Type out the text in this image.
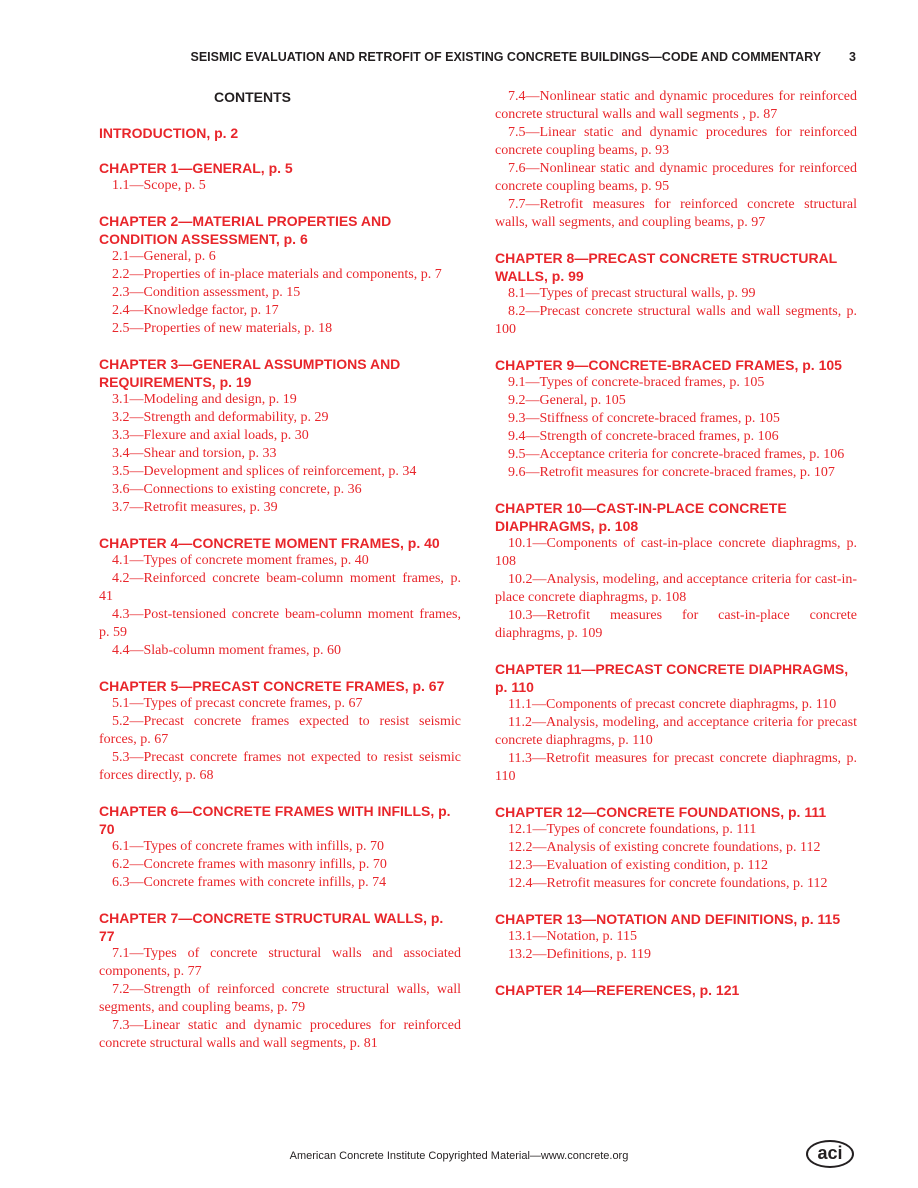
SEISMIC EVALUATION AND RETROFIT OF EXISTING CONCRETE BUILDINGS—CODE AND COMMENTARY 3
CONTENTS

INTRODUCTION, p. 2

CHAPTER 1—GENERAL, p. 5

1.1—Scope, p. 5

CHAPTER 2—MATERIAL PROPERTIES AND CONDITION ASSESSMENT, p. 6

2.1—General, p. 6

2.2—Properties of in-place materials and components, p. 7

2.3—Condition assessment, p. 15

2.4—Knowledge factor, p. 17

2.5—Properties of new materials, p. 18

CHAPTER 3—GENERAL ASSUMPTIONS AND REQUIREMENTS, p. 19

3.1—Modeling and design, p. 19

3.2—Strength and deformability, p. 29

3.3—Flexure and axial loads, p. 30

3.4—Shear and torsion, p. 33

3.5—Development and splices of reinforcement, p. 34

3.6—Connections to existing concrete, p. 36

3.7—Retrofit measures, p. 39

CHAPTER 4—CONCRETE MOMENT FRAMES, p. 40

4.1—Types of concrete moment frames, p. 40

4.2—Reinforced concrete beam-column moment frames, p. 41

4.3—Post-tensioned concrete beam-column moment frames, p. 59

4.4—Slab-column moment frames, p. 60

CHAPTER 5—PRECAST CONCRETE FRAMES, p. 67

5.1—Types of precast concrete frames, p. 67

5.2—Precast concrete frames expected to resist seismic forces, p. 67

5.3—Precast concrete frames not expected to resist seismic forces directly, p. 68

CHAPTER 6—CONCRETE FRAMES WITH INFILLS, p. 70

6.1—Types of concrete frames with infills, p. 70

6.2—Concrete frames with masonry infills, p. 70

6.3—Concrete frames with concrete infills, p. 74

CHAPTER 7—CONCRETE STRUCTURAL WALLS, p. 77

7.1—Types of concrete structural walls and associated components, p. 77

7.2—Strength of reinforced concrete structural walls, wall segments, and coupling beams, p. 79

7.3—Linear static and dynamic procedures for reinforced concrete structural walls and wall segments, p. 81

7.4—Nonlinear static and dynamic procedures for reinforced concrete structural walls and wall segments , p. 87

7.5—Linear static and dynamic procedures for reinforced concrete coupling beams, p. 93

7.6—Nonlinear static and dynamic procedures for reinforced concrete coupling beams, p. 95

7.7—Retrofit measures for reinforced concrete structural walls, wall segments, and coupling beams, p. 97

CHAPTER 8—PRECAST CONCRETE STRUCTURAL WALLS, p. 99

8.1—Types of precast structural walls, p. 99

8.2—Precast concrete structural walls and wall segments, p. 100

CHAPTER 9—CONCRETE-BRACED FRAMES, p. 105

9.1—Types of concrete-braced frames, p. 105

9.2—General, p. 105

9.3—Stiffness of concrete-braced frames, p. 105

9.4—Strength of concrete-braced frames, p. 106

9.5—Acceptance criteria for concrete-braced frames, p. 106

9.6—Retrofit measures for concrete-braced frames, p. 107

CHAPTER 10—CAST-IN-PLACE CONCRETE DIAPHRAGMS, p. 108

10.1—Components of cast-in-place concrete diaphragms, p. 108

10.2—Analysis, modeling, and acceptance criteria for cast-in-place concrete diaphragms, p. 108

10.3—Retrofit measures for cast-in-place concrete diaphragms, p. 109

CHAPTER 11—PRECAST CONCRETE DIAPHRAGMS, p. 110

11.1—Components of precast concrete diaphragms, p. 110

11.2—Analysis, modeling, and acceptance criteria for precast concrete diaphragms, p. 110

11.3—Retrofit measures for precast concrete diaphragms, p. 110

CHAPTER 12—CONCRETE FOUNDATIONS, p. 111

12.1—Types of concrete foundations, p. 111

12.2—Analysis of existing concrete foundations, p. 112

12.3—Evaluation of existing condition, p. 112

12.4—Retrofit measures for concrete foundations, p. 112

CHAPTER 13—NOTATION AND DEFINITIONS, p. 115

13.1—Notation, p. 115

13.2—Definitions, p. 119

CHAPTER 14—REFERENCES, p. 121

American Concrete Institute Copyrighted Material—www.concrete.org	aci
